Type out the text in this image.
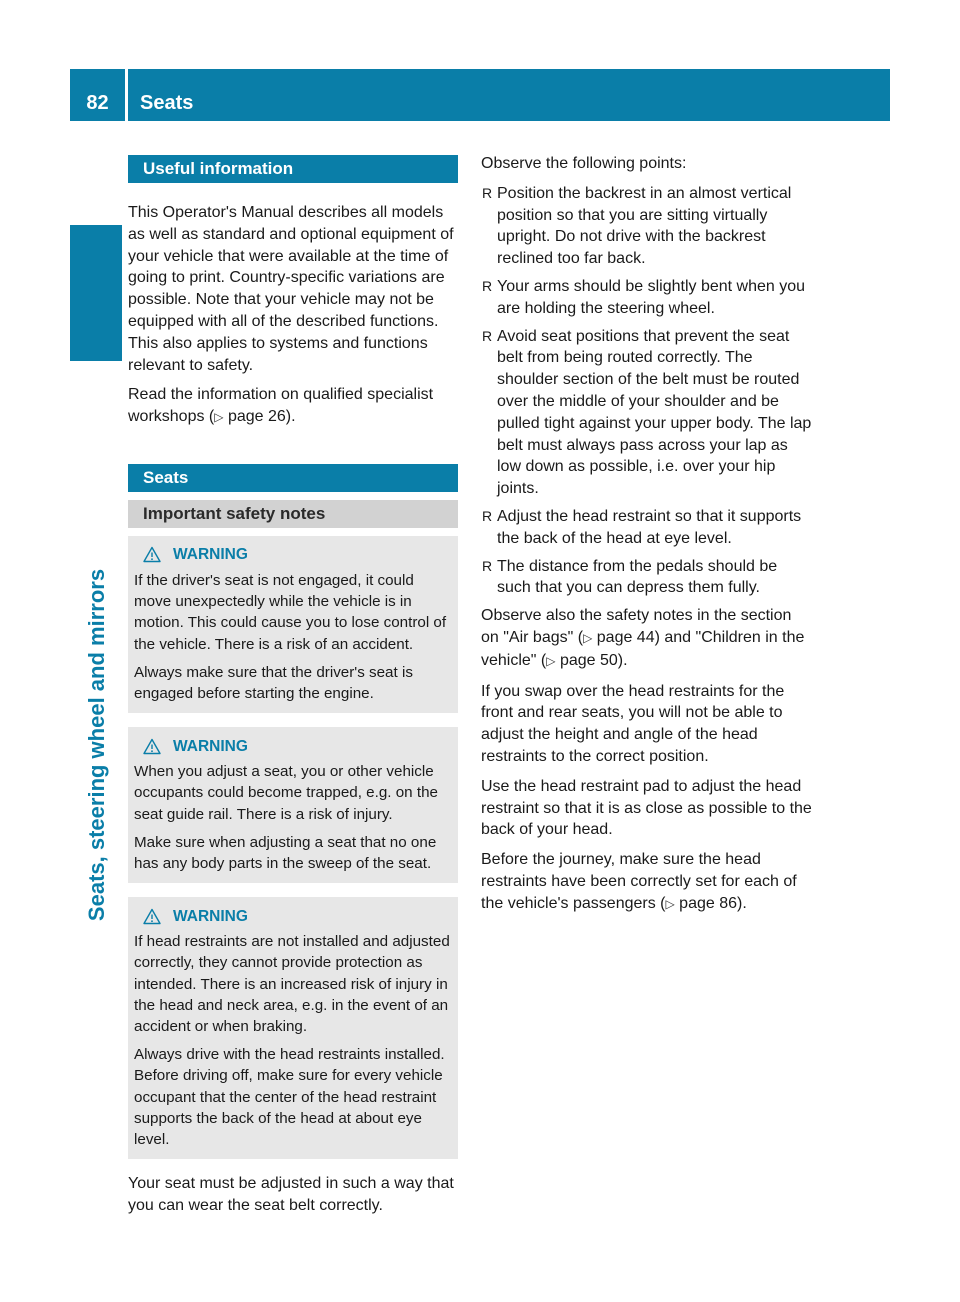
82	Seats
Seats, steering wheel and mirrors
Useful information

This Operator's Manual describes all models as well as standard and optional equipment of your vehicle that were available at the time of going to print. Country-specific variations are possible. Note that your vehicle may not be equipped with all of the described functions. This also applies to systems and functions relevant to safety.

Read the information on qualified specialist workshops (▷ page 26).

Seats
Important safety notes
WARNING

If the driver's seat is not engaged, it could move unexpectedly while the vehicle is in motion. This could cause you to lose control of the vehicle. There is a risk of an accident.

Always make sure that the driver's seat is engaged before starting the engine.

WARNING

When you adjust a seat, you or other vehicle occupants could become trapped, e.g. on the seat guide rail. There is a risk of injury.

Make sure when adjusting a seat that no one has any body parts in the sweep of the seat.

WARNING

If head restraints are not installed and adjusted correctly, they cannot provide protection as intended. There is an increased risk of injury in the head and neck area, e.g. in the event of an accident or when braking.

Always drive with the head restraints installed. Before driving off, make sure for every vehicle occupant that the center of the head restraint supports the back of the head at about eye level.

Your seat must be adjusted in such a way that you can wear the seat belt correctly.

Observe the following points:

R Position the backrest in an almost vertical position so that you are sitting virtually upright. Do not drive with the backrest reclined too far back.
R Your arms should be slightly bent when you are holding the steering wheel.
R Avoid seat positions that prevent the seat belt from being routed correctly. The shoulder section of the belt must be routed over the middle of your shoulder and be pulled tight against your upper body. The lap belt must always pass across your lap as low down as possible, i.e. over your hip joints.
R Adjust the head restraint so that it supports the back of the head at eye level.
R The distance from the pedals should be such that you can depress them fully.

Observe also the safety notes in the section on "Air bags" (▷ page 44) and "Children in the vehicle" (▷ page 50).

If you swap over the head restraints for the front and rear seats, you will not be able to adjust the height and angle of the head restraints to the correct position.

Use the head restraint pad to adjust the head restraint so that it is as close as possible to the back of your head.

Before the journey, make sure the head restraints have been correctly set for each of the vehicle's passengers (▷ page 86).
